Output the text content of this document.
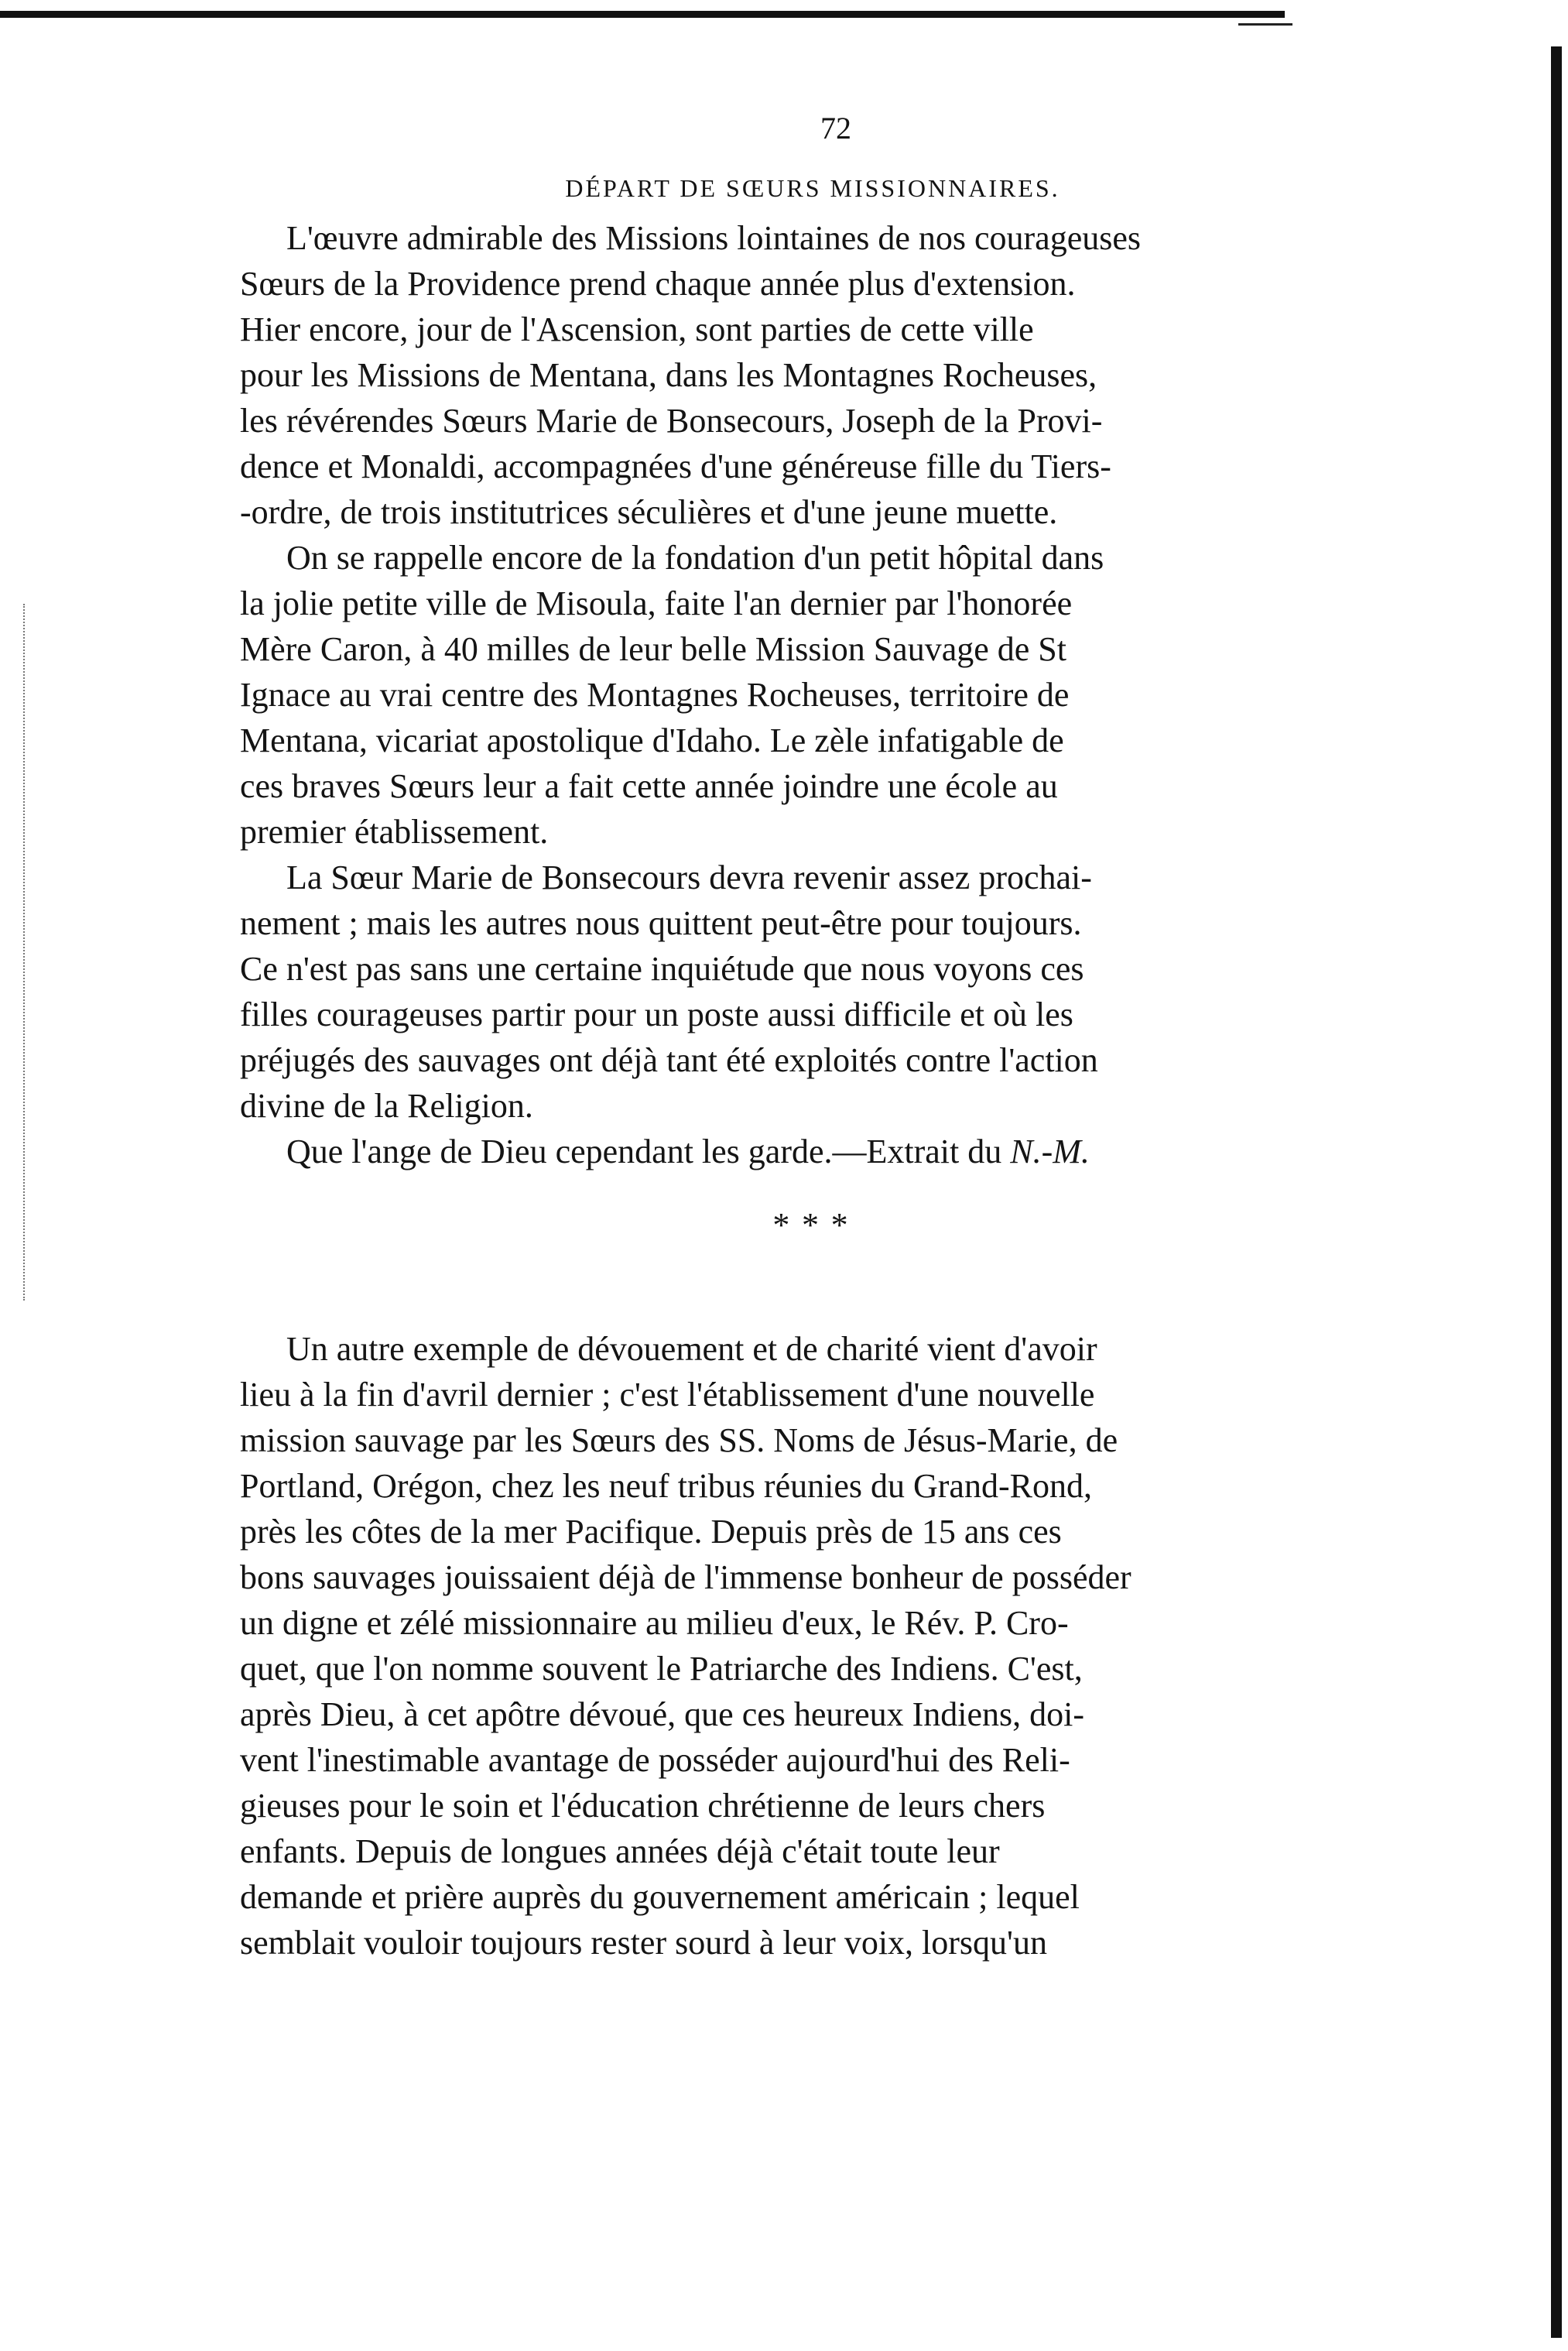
72
DÉPART DE SŒURS MISSIONNAIRES.
L'œuvre admirable des Missions lointaines de nos courageuses
Sœurs de la Providence prend chaque année plus d'extension.
Hier encore, jour de l'Ascension, sont parties de cette ville
pour les Missions de Mentana, dans les Montagnes Rocheuses,
les révérendes Sœurs Marie de Bonsecours, Joseph de la Provi-
dence et Monaldi, accompagnées d'une généreuse fille du Tiers-
-ordre, de trois institutrices séculières et d'une jeune muette.
On se rappelle encore de la fondation d'un petit hôpital dans
la jolie petite ville de Misoula, faite l'an dernier par l'honorée
Mère Caron, à 40 milles de leur belle Mission Sauvage de St
Ignace au vrai centre des Montagnes Rocheuses, territoire de
Mentana, vicariat apostolique d'Idaho. Le zèle infatigable de
ces braves Sœurs leur a fait cette année joindre une école au
premier établissement.
La Sœur Marie de Bonsecours devra revenir assez prochai-
nement ; mais les autres nous quittent peut-être pour toujours.
Ce n'est pas sans une certaine inquiétude que nous voyons ces
filles courageuses partir pour un poste aussi difficile et où les
préjugés des sauvages ont déjà tant été exploités contre l'action
divine de la Religion.
Que l'ange de Dieu cependant les garde.—Extrait du N.-M.
* * *
Un autre exemple de dévouement et de charité vient d'avoir
lieu à la fin d'avril dernier ; c'est l'établissement d'une nouvelle
mission sauvage par les Sœurs des SS. Noms de Jésus-Marie, de
Portland, Orégon, chez les neuf tribus réunies du Grand-Rond,
près les côtes de la mer Pacifique. Depuis près de 15 ans ces
bons sauvages jouissaient déjà de l'immense bonheur de posséder
un digne et zélé missionnaire au milieu d'eux, le Rév. P. Cro-
quet, que l'on nomme souvent le Patriarche des Indiens. C'est,
après Dieu, à cet apôtre dévoué, que ces heureux Indiens, doi-
vent l'inestimable avantage de posséder aujourd'hui des Reli-
gieuses pour le soin et l'éducation chrétienne de leurs chers
enfants. Depuis de longues années déjà c'était toute leur
demande et prière auprès du gouvernement américain ; lequel
semblait vouloir toujours rester sourd à leur voix, lorsqu'un
